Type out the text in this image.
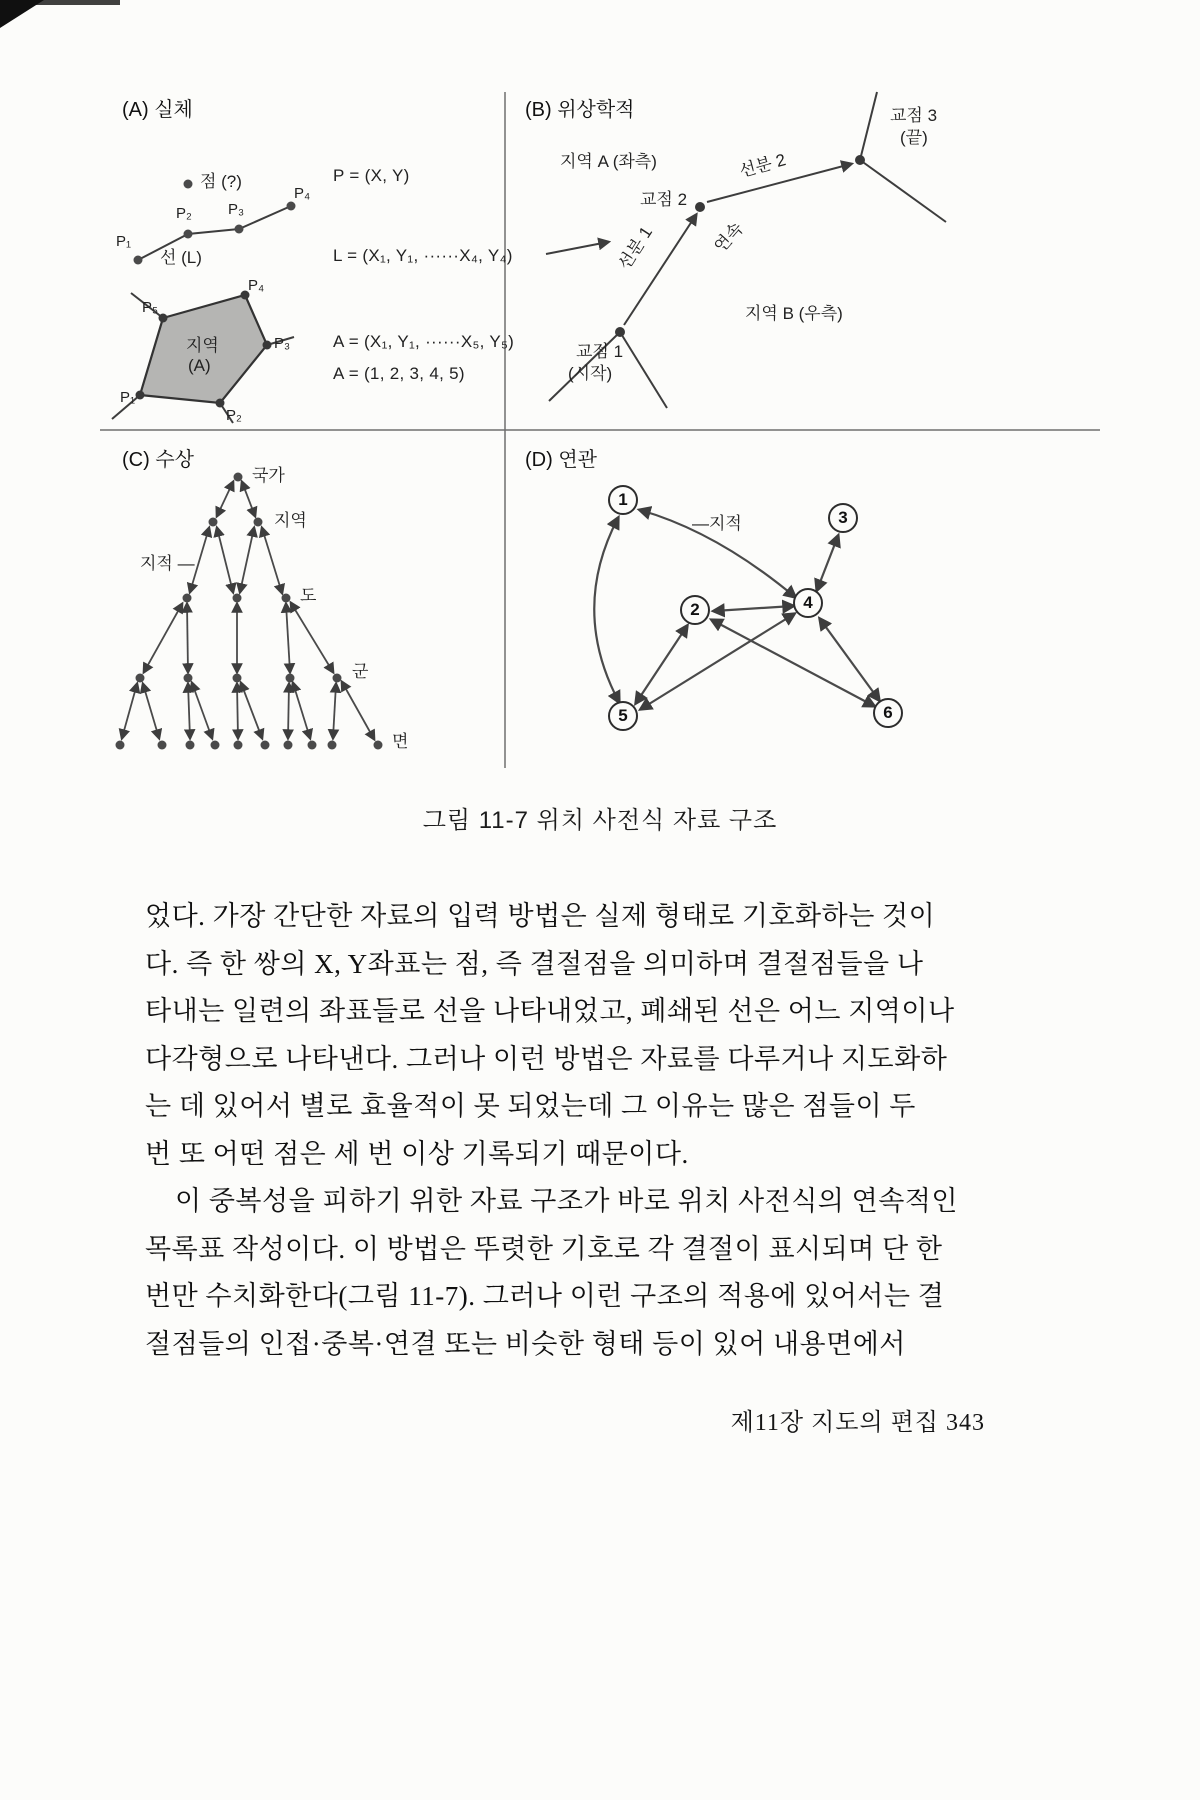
(A) 실체
점 (?)	P = (X, Y)
P₁
P₂ P₃
P₄
선 (L)	L = (X₁, Y₁, ······X₄, Y₄)
P₅
P₄
P₃
P₂
P₁
지역
(A)
A = (X₁, Y₁, ······X₅, Y₅)
A = (1, 2, 3, 4, 5)
(B) 위상학적
지역 A (좌측)
교점 3
(끝)
교점 2
선분 2
선분 1	연속
지역 B (우측)
교점 1
(시작)
(C) 수상
국가
지역
지적 —
도
군
면
(D) 연관
—지적
1
2
3
4
5	6
그림 11-7 위치 사전식 자료 구조
었다. 가장 간단한 자료의 입력 방법은 실제 형태로 기호화하는 것이
다. 즉 한 쌍의 X, Y좌표는 점, 즉 결절점을 의미하며 결절점들을 나
타내는 일련의 좌표들로 선을 나타내었고, 폐쇄된 선은 어느 지역이나
다각형으로 나타낸다. 그러나 이런 방법은 자료를 다루거나 지도화하
는 데 있어서 별로 효율적이 못 되었는데 그 이유는 많은 점들이 두
번 또 어떤 점은 세 번 이상 기록되기 때문이다.
이 중복성을 피하기 위한 자료 구조가 바로 위치 사전식의 연속적인
목록표 작성이다. 이 방법은 뚜렷한 기호로 각 결절이 표시되며 단 한
번만 수치화한다(그림 11-7). 그러나 이런 구조의 적용에 있어서는 결
절점들의 인접·중복·연결 또는 비슷한 형태 등이 있어 내용면에서
제11장 지도의 편집 343
